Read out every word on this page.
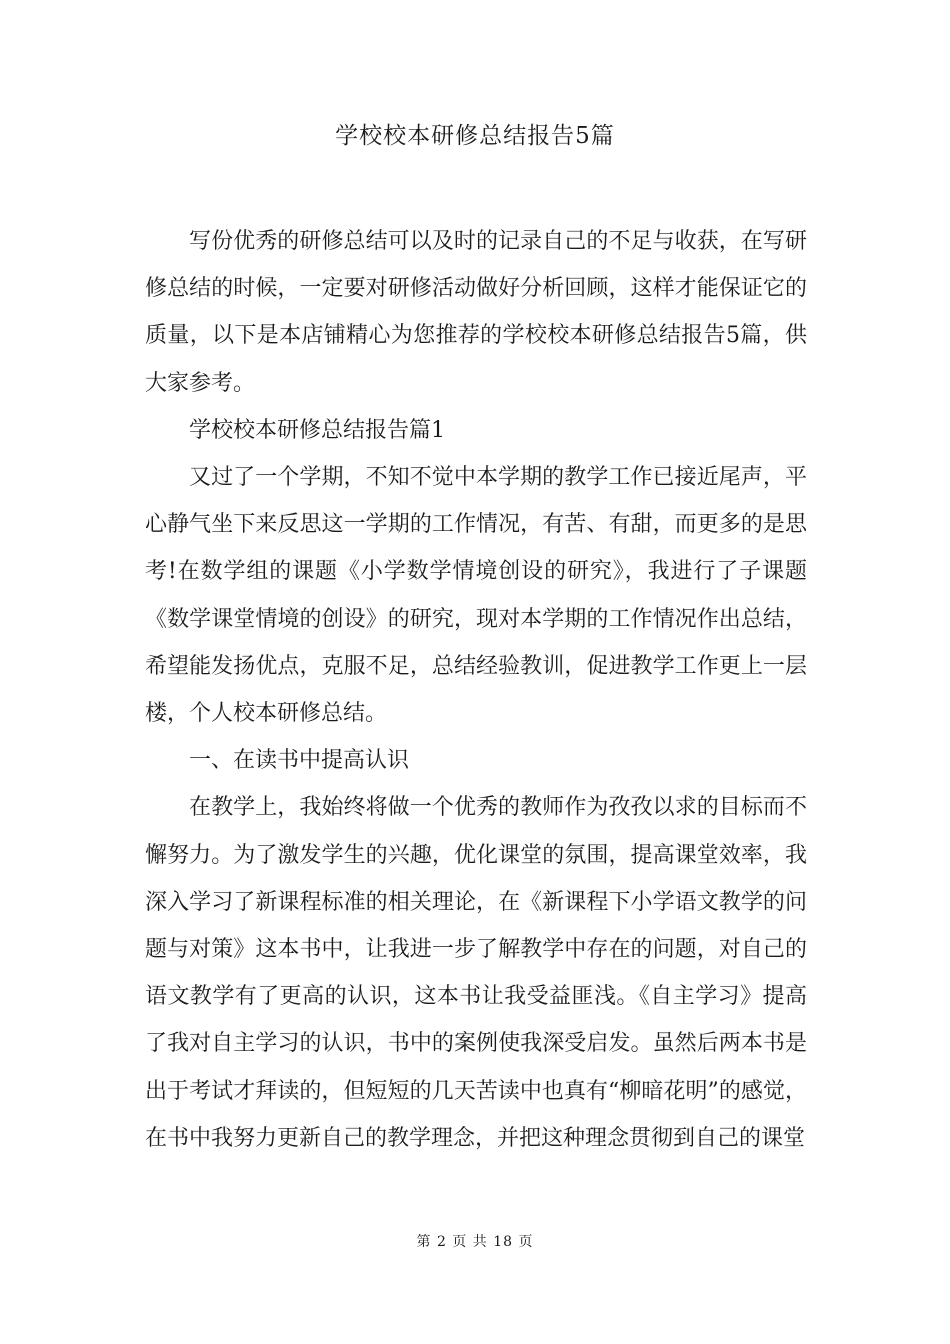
学校校本研修总结报告5篇

写份优秀的研修总结可以及时的记录自己的不足与收获，在写研修总结的时候，一定要对研修活动做好分析回顾，这样才能保证它的质量，以下是本店铺精心为您推荐的学校校本研修总结报告5篇，供大家参考。

学校校本研修总结报告篇1

又过了一个学期，不知不觉中本学期的教学工作已接近尾声，平心静气坐下来反思这一学期的工作情况，有苦、有甜，而更多的是思考!在数学组的课题《小学数学情境创设的研究》，我进行了子课题《数学课堂情境的创设》的研究，现对本学期的工作情况作出总结，希望能发扬优点，克服不足，总结经验教训，促进教学工作更上一层楼，个人校本研修总结。

一、在读书中提高认识

在教学上，我始终将做一个优秀的教师作为孜孜以求的目标而不懈努力。为了激发学生的兴趣，优化课堂的氛围，提高课堂效率，我深入学习了新课程标准的相关理论，在《新课程下小学语文教学的问题与对策》这本书中，让我进一步了解教学中存在的问题，对自己的语文教学有了更高的认识，这本书让我受益匪浅。《自主学习》提高了我对自主学习的认识，书中的案例使我深受启发。虽然后两本书是出于考试才拜读的，但短短的几天苦读中也真有“柳暗花明”的感觉，在书中我努力更新自己的教学理念，并把这种理念贯彻到自己的课堂

第 2 页 共 18 页
